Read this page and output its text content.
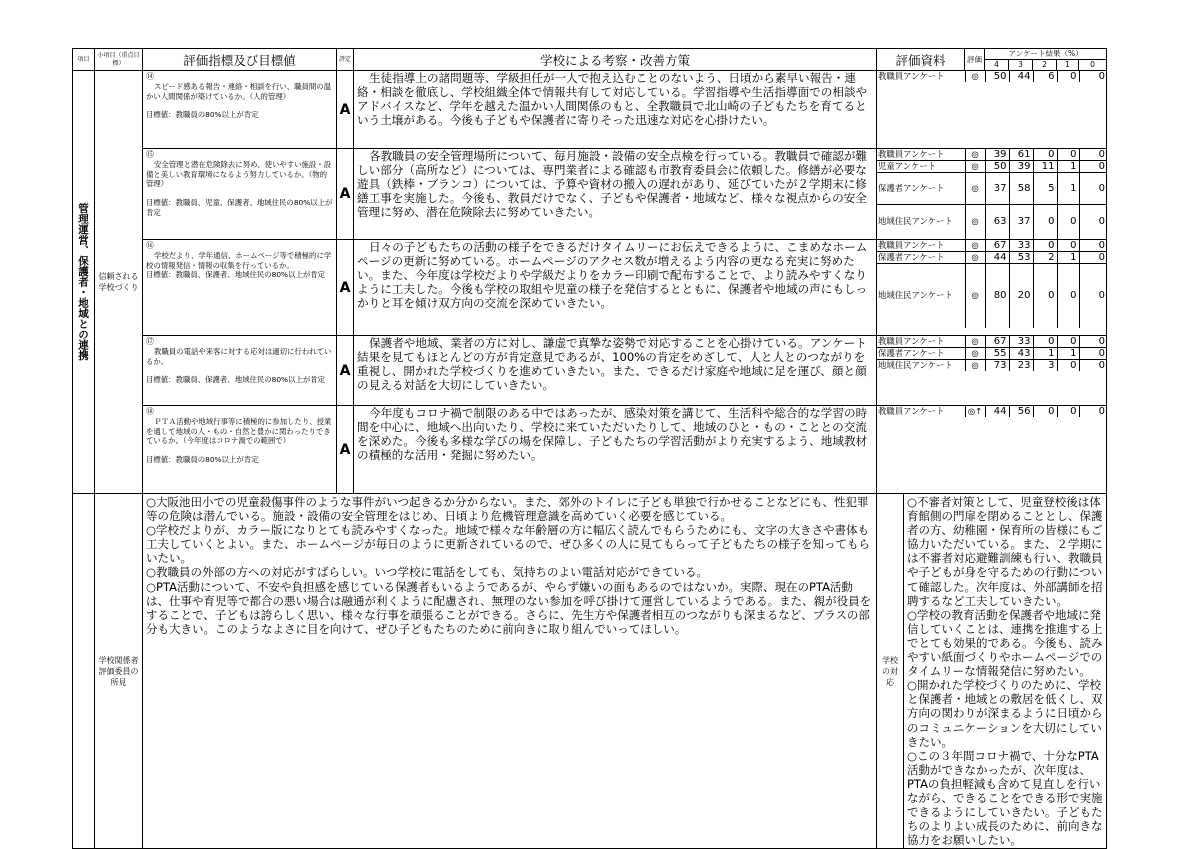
項目	小項目（重点目標）	評価指標及び目標値	評定	学校による考察・改善方策	評価資料	評価	アンケート結果（%）
4	3	2	1	0

管理運営、保護者・地域との連携	信頼される学校づくり	
⑭
スピード感ある報告・連絡・相談を行い、職員間の温かい人間関係が築けているか。（人的管理）
目標値：教職員の80%以上が肯定	A	生徒指導上の諸問題等、学級担任が一人で抱え込むことのないよう、日頃から素早い報告・連絡・相談を徹底し、学校組織全体で情報共有して対応している。学習指導や生活指導面での相談やアドバイスなど、学年を越えた温かい人間関係のもと、全教職員で北山崎の子どもたちを育てるという土壌がある。今後も子どもや保護者に寄りそった迅速な対応を心掛けたい。	
教職員アンケート	◎	50	44	6	0	0

⑮
安全管理と潜在危険除去に努め、使いやすい施設・設備と美しい教育環境になるよう努力しているか。（物的管理）
目標値：教職員、児童、保護者、地域住民の80%以上が肯定
	A	各教職員の安全管理場所について、毎月施設・設備の安全点検を行っている。教職員で確認が難しい部分（高所など）については、専門業者による確認も市教育委員会に依頼した。修繕が必要な遊具（鉄棒・ブランコ）については、予算や資材の搬入の遅れがあり、延びていたが２学期末に修繕工事を実施した。今後も、教員だけでなく、子どもや保護者・地域など、様々な視点からの安全管理に努め、潜在危険除去に努めていきたい。	
教職員アンケート	◎	39	61	0	0	0
児童アンケート	◎	50	39	11	1	0
保護者アンケート	◎	37	58	5	1	0
地域住民アンケート	◎	63	37	0	0	0

⑯
学校だより、学年通信、ホームページ等で積極的に学校の情報発信・情報の収集を行っているか。
目標値：教職員、保護者、地域住民の80%以上が肯定
	A	日々の子どもたちの活動の様子をできるだけタイムリーにお伝えできるように、こまめなホームページの更新に努めている。ホームページのアクセス数が増えるよう内容の更なる充実に努めたい。また、今年度は学校だよりや学級だよりをカラー印刷で配布することで、より読みやすくなりように工夫した。今後も学校の取組や児童の様子を発信するとともに、保護者や地域の声にもしっかりと耳を傾け双方向の交流を深めていきたい。	
教職員アンケート	◎	67	33	0	0	0
保護者アンケート	◎	44	53	2	1	0
地域住民アンケート	◎	80	20	0	0	0

⑰
教職員の電話や来客に対する応対は適切に行われているか。
目標値：教職員、保護者、地域住民の80%以上が肯定
	A	保護者や地域、業者の方に対し、謙虚で真摯な姿勢で対応することを心掛けている。アンケート結果を見てもほとんどの方が肯定意見であるが、100%の肯定をめざして、人と人とのつながりを重視し、開かれた学校づくりを進めていきたい。また、できるだけ家庭や地域に足を運び、顔と顔の見える対話を大切にしていきたい。	
教職員アンケート	◎	67	33	0	0	0
保護者アンケート	◎	55	43	1	1	0
地域住民アンケート	◎	73	23	3	0	0

⑱
ＰＴＡ活動や地域行事等に積極的に参加したり、授業を通して地域の人・もの・自然と豊かに関わったりできているか。（今年度はコロナ渦での範囲で）
目標値：教職員の80%以上が肯定
	A	今年度もコロナ禍で制限のある中ではあったが、感染対策を講じて、生活科や総合的な学習の時間を中心に、地域へ出向いたり、学校に来ていただいたりして、地域のひと・もの・こととの交流を深めた。今後も多様な学びの場を保障し、子どもたちの学習活動がより充実するよう、地域教材の積極的な活用・発掘に努めたい。	
教職員アンケート	◎↑	44	56	0	0	0

	学校関係者評価委員の所見	○大阪池田小での児童殺傷事件のような事件がいつ起きるか分からない。また、郊外のトイレに子ども単独で行かせることなどにも、性犯罪等の危険は潜んでいる。施設・設備の安全管理をはじめ、日頃より危機管理意識を高めていく必要を感じている。
○学校だよりが、カラー版になりとても読みやすくなった。地域で様々な年齢層の方に幅広く読んでもらうためにも、文字の大きさや書体も工夫していくとよい。また、ホームページが毎日のように更新されているので、ぜひ多くの人に見てもらって子どもたちの様子を知ってもらいたい。
○教職員の外部の方への対応がすばらしい。いつ学校に電話をしても、気持ちのよい電話対応ができている。
○PTA活動について、不安や負担感を感じている保護者もいるようであるが、やらず嫌いの面もあるのではないか。実際、現在のPTA活動は、仕事や育児等で都合の悪い場合は融通が利くように配慮され、無理のない参加を呼び掛けて運営しているようである。また、親が役員をすることで、子どもは誇らしく思い、様々な行事を頑張ることができる。さらに、先生方や保護者相互のつながりも深まるなど、プラスの部分も大きい。このようなよさに目を向けて、ぜひ子どもたちのために前向きに取り組んでいってほしい。	
学校の対応
○不審者対策として、児童登校後は体育館側の門扉を閉めることとし、保護者の方、幼稚園・保育所の皆様にもご協力いただいている。また、２学期には不審者対応避難訓練も行い、教職員や子どもが身を守るための行動について確認した。次年度は、外部講師を招聘するなど工夫していきたい。
○学校の教育活動を保護者や地域に発信していくことは、連携を推進する上でとても効果的である。今後も、読みやすい紙面づくりやホームページでのタイムリーな情報発信に努めたい。
○開かれた学校づくりのために、学校と保護者・地域との敷居を低くし、双方向の関わりが深まるように日頃からのコミュニケーションを大切にしていきたい。
○この３年間コロナ禍で、十分なPTA活動ができなかったが、次年度は、PTAの負担軽減も含めて見直しを行いながら、できることをできる形で実施できるようにしていきたい。子どもたちのよりよい成長のために、前向きな協力をお願いしたい。
